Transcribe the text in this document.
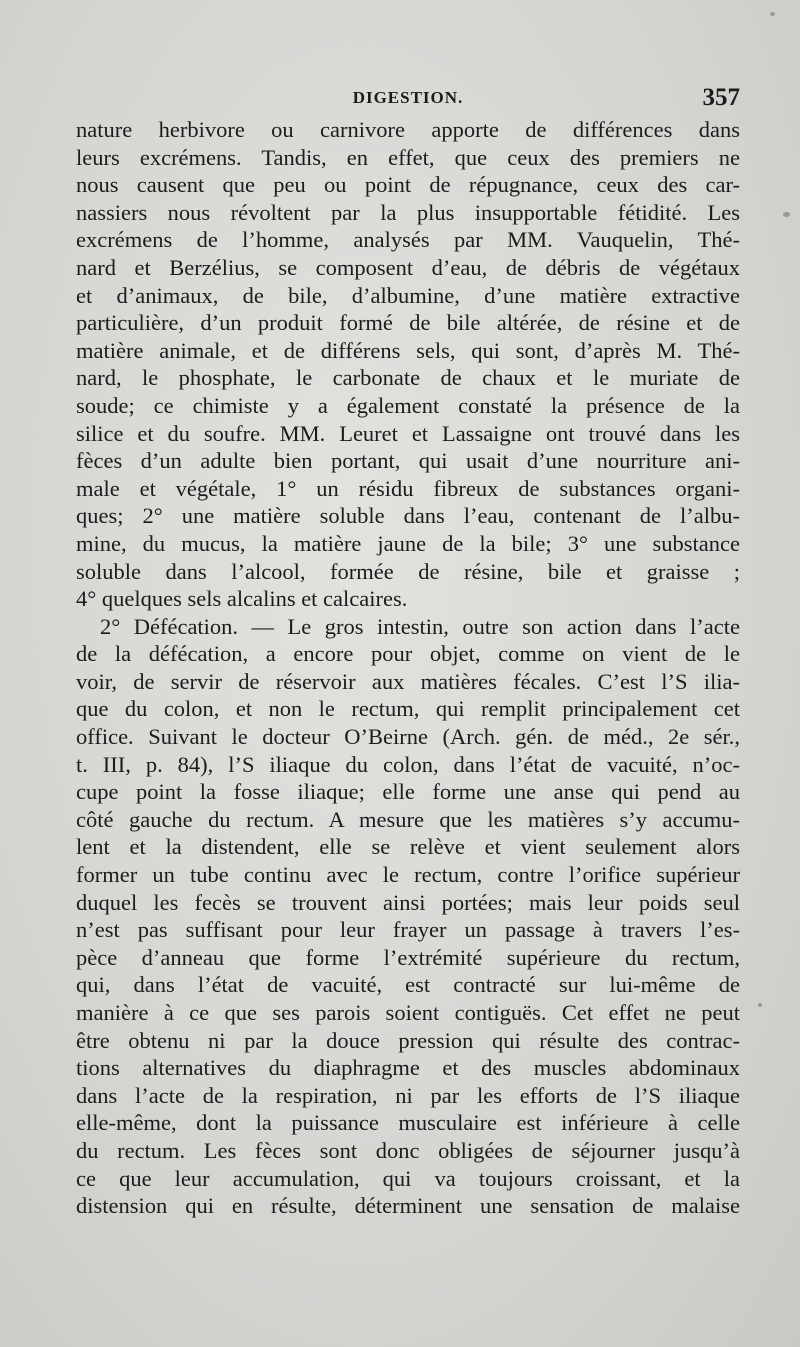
DIGESTION.	357
nature herbivore ou carnivore apporte de différences dans
leurs excrémens. Tandis, en effet, que ceux des premiers ne
nous causent que peu ou point de répugnance, ceux des car-
nassiers nous révoltent par la plus insupportable fétidité. Les
excrémens de l’homme, analysés par MM. Vauquelin, Thé-
nard et Berzélius, se composent d’eau, de débris de végétaux
et d’animaux, de bile, d’albumine, d’une matière extractive
particulière, d’un produit formé de bile altérée, de résine et de
matière animale, et de différens sels, qui sont, d’après M. Thé-
nard, le phosphate, le carbonate de chaux et le muriate de
soude; ce chimiste y a également constaté la présence de la
silice et du soufre. MM. Leuret et Lassaigne ont trouvé dans les
fèces d’un adulte bien portant, qui usait d’une nourriture ani-
male et végétale, 1° un résidu fibreux de substances organi-
ques; 2° une matière soluble dans l’eau, contenant de l’albu-
mine, du mucus, la matière jaune de la bile; 3° une substance
soluble dans l’alcool, formée de résine, bile et graisse ;
4° quelques sels alcalins et calcaires.
2° Défécation. — Le gros intestin, outre son action dans l’acte
de la défécation, a encore pour objet, comme on vient de le
voir, de servir de réservoir aux matières fécales. C’est l’S ilia-
que du colon, et non le rectum, qui remplit principalement cet
office. Suivant le docteur O’Beirne (Arch. gén. de méd., 2e sér.,
t. III, p. 84), l’S iliaque du colon, dans l’état de vacuité, n’oc-
cupe point la fosse iliaque; elle forme une anse qui pend au
côté gauche du rectum. A mesure que les matières s’y accumu-
lent et la distendent, elle se relève et vient seulement alors
former un tube continu avec le rectum, contre l’orifice supérieur
duquel les fecès se trouvent ainsi portées; mais leur poids seul
n’est pas suffisant pour leur frayer un passage à travers l’es-
pèce d’anneau que forme l’extrémité supérieure du rectum,
qui, dans l’état de vacuité, est contracté sur lui-même de
manière à ce que ses parois soient contiguës. Cet effet ne peut
être obtenu ni par la douce pression qui résulte des contrac-
tions alternatives du diaphragme et des muscles abdominaux
dans l’acte de la respiration, ni par les efforts de l’S iliaque
elle-même, dont la puissance musculaire est inférieure à celle
du rectum. Les fèces sont donc obligées de séjourner jusqu’à
ce que leur accumulation, qui va toujours croissant, et la
distension qui en résulte, déterminent une sensation de malaise
